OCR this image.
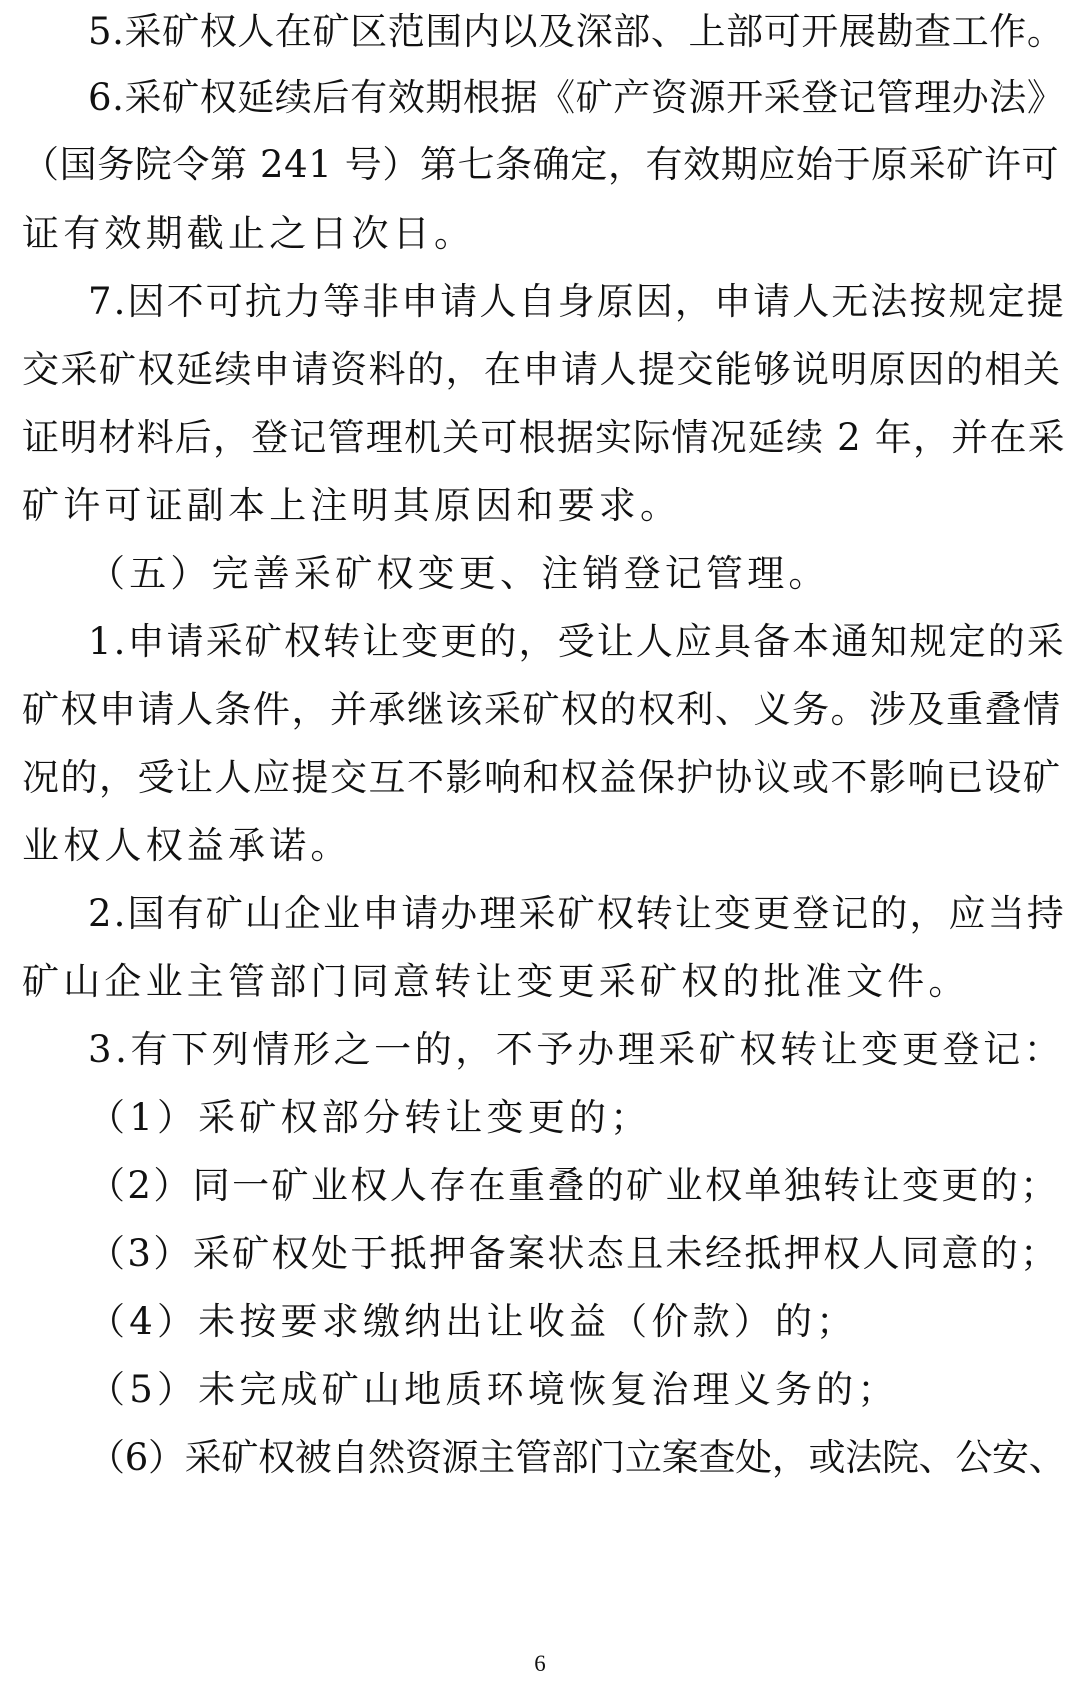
5.采矿权人在矿区范围内以及深部、上部可开展勘查工作。
6.采矿权延续后有效期根据《矿产资源开采登记管理办法》
（国务院令第 241 号）第七条确定，有效期应始于原采矿许可
证有效期截止之日次日。
7.因不可抗力等非申请人自身原因，申请人无法按规定提
交采矿权延续申请资料的，在申请人提交能够说明原因的相关
证明材料后，登记管理机关可根据实际情况延续 2 年，并在采
矿许可证副本上注明其原因和要求。
（五）完善采矿权变更、注销登记管理。
1.申请采矿权转让变更的，受让人应具备本通知规定的采
矿权申请人条件，并承继该采矿权的权利、义务。涉及重叠情
况的，受让人应提交互不影响和权益保护协议或不影响已设矿
业权人权益承诺。
2.国有矿山企业申请办理采矿权转让变更登记的，应当持
矿山企业主管部门同意转让变更采矿权的批准文件。
3.有下列情形之一的，不予办理采矿权转让变更登记：
（1）采矿权部分转让变更的；
（2）同一矿业权人存在重叠的矿业权单独转让变更的；
（3）采矿权处于抵押备案状态且未经抵押权人同意的；
（4）未按要求缴纳出让收益（价款）的；
（5）未完成矿山地质环境恢复治理义务的；
（6）采矿权被自然资源主管部门立案查处，或法院、公安、
6
